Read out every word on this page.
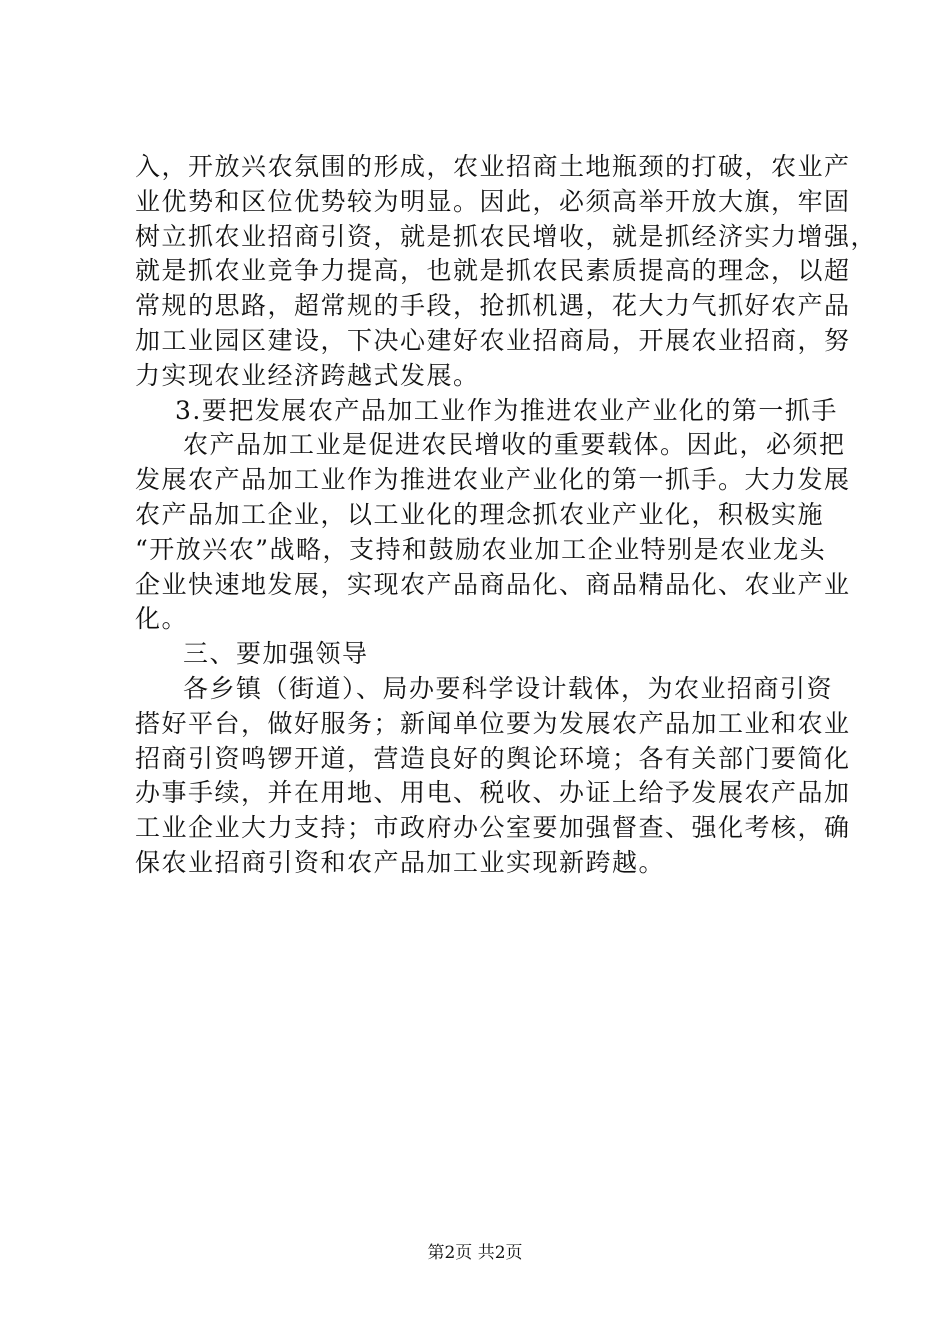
入，开放兴农氛围的形成，农业招商土地瓶颈的打破，农业产
业优势和区位优势较为明显。因此，必须高举开放大旗，牢固
树立抓农业招商引资，就是抓农民增收，就是抓经济实力增强，
就是抓农业竞争力提高，也就是抓农民素质提高的理念，以超
常规的思路，超常规的手段，抢抓机遇，花大力气抓好农产品
加工业园区建设，下决心建好农业招商局，开展农业招商，努
力实现农业经济跨越式发展。
3.要把发展农产品加工业作为推进农业产业化的第一抓手
农产品加工业是促进农民增收的重要载体。因此，必须把
发展农产品加工业作为推进农业产业化的第一抓手。大力发展
农产品加工企业，以工业化的理念抓农业产业化，积极实施
“开放兴农”战略，支持和鼓励农业加工企业特别是农业龙头
企业快速地发展，实现农产品商品化、商品精品化、农业产业
化。
三、要加强领导
各乡镇（街道）、局办要科学设计载体，为农业招商引资
搭好平台，做好服务；新闻单位要为发展农产品加工业和农业
招商引资鸣锣开道，营造良好的舆论环境；各有关部门要简化
办事手续，并在用地、用电、税收、办证上给予发展农产品加
工业企业大力支持；市政府办公室要加强督查、强化考核，确
保农业招商引资和农产品加工业实现新跨越。
第2页 共2页
